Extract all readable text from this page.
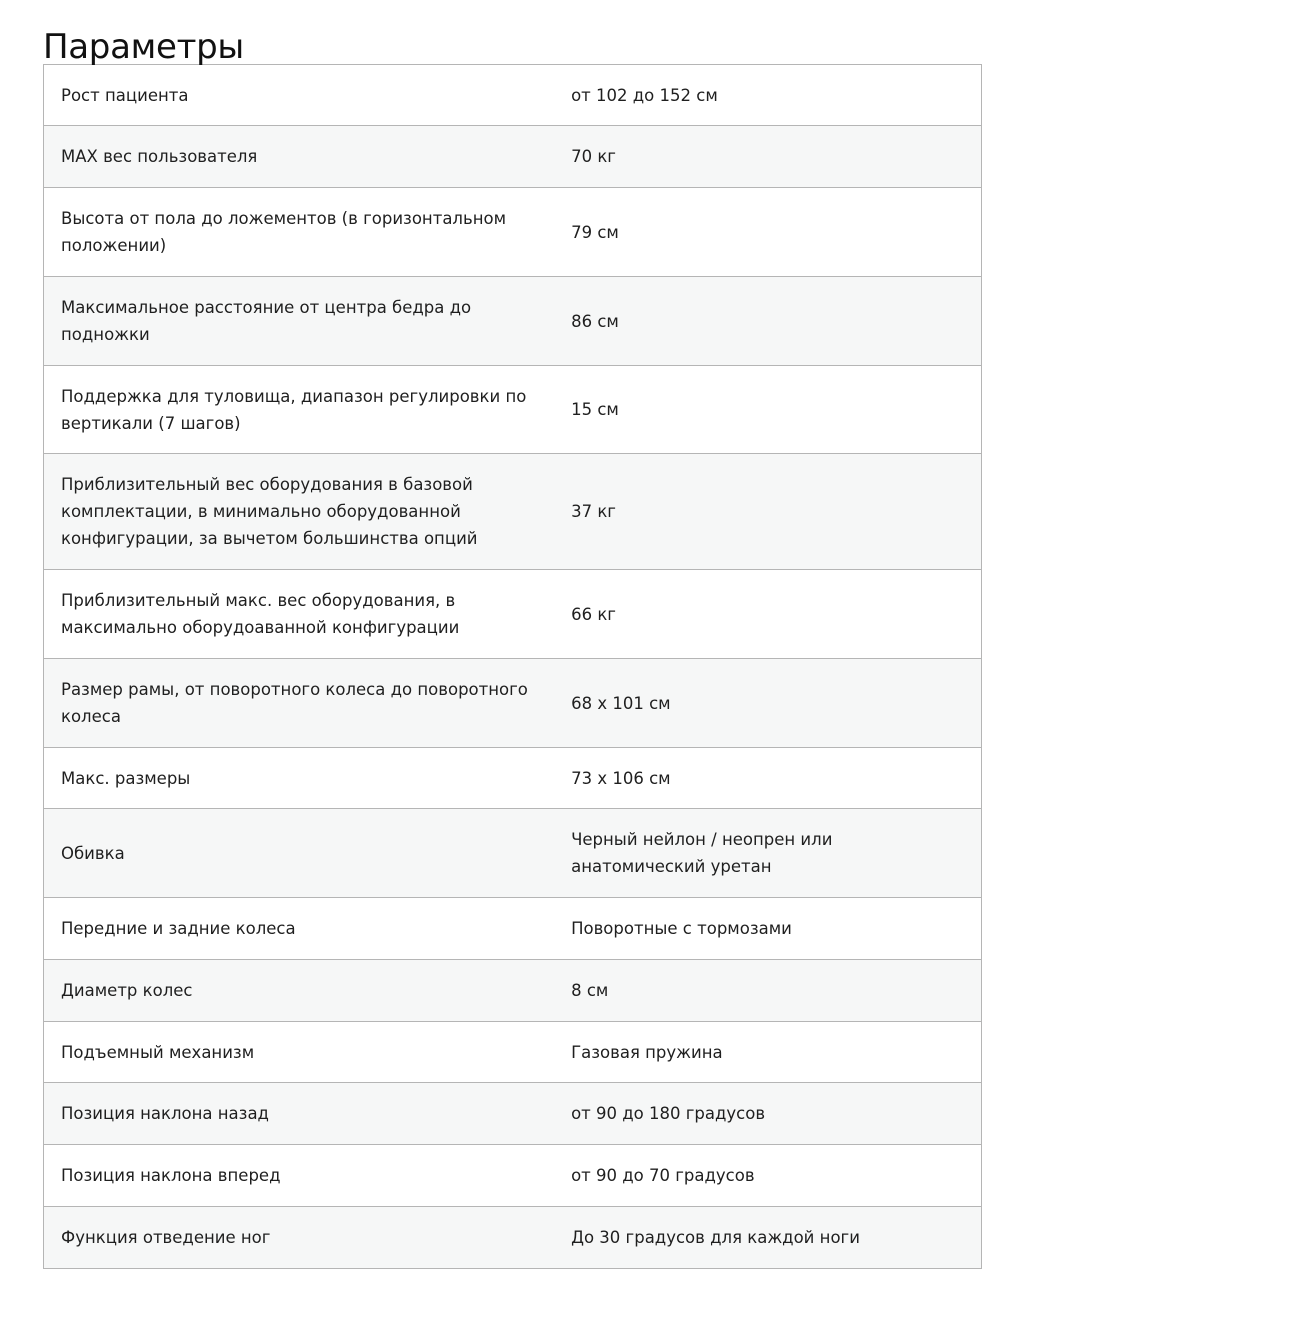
Параметры
Рост пациента	от 102 до 152 см
MAX вес пользователя	70 кг
Высота от пола до ложементов (в горизонтальном положении)	79 см
Максимальное расстояние от центра бедра до подножки	86 см
Поддержка для туловища, диапазон регулировки по вертикали (7 шагов)	15 см
Приблизительный вес оборудования в базовой комплектации, в минимально оборудованной конфигурации, за вычетом большинства опций	37 кг
Приблизительный макс. вес оборудования, в максимально оборудоаванной конфигурации	66 кг
Размер рамы, от поворотного колеса до поворотного колеса	68 х 101 см
Макс. размеры	73 х 106 см
Обивка	Черный нейлон / неопрен или анатомический уретан
Передние и задние колеса	Поворотные с тормозами
Диаметр колес	8 см
Подъемный механизм	Газовая пружина
Позиция наклона назад	от 90 до 180 градусов
Позиция наклона вперед	от 90 до 70 градусов
Функция отведение ног	До 30 градусов для каждой ноги
